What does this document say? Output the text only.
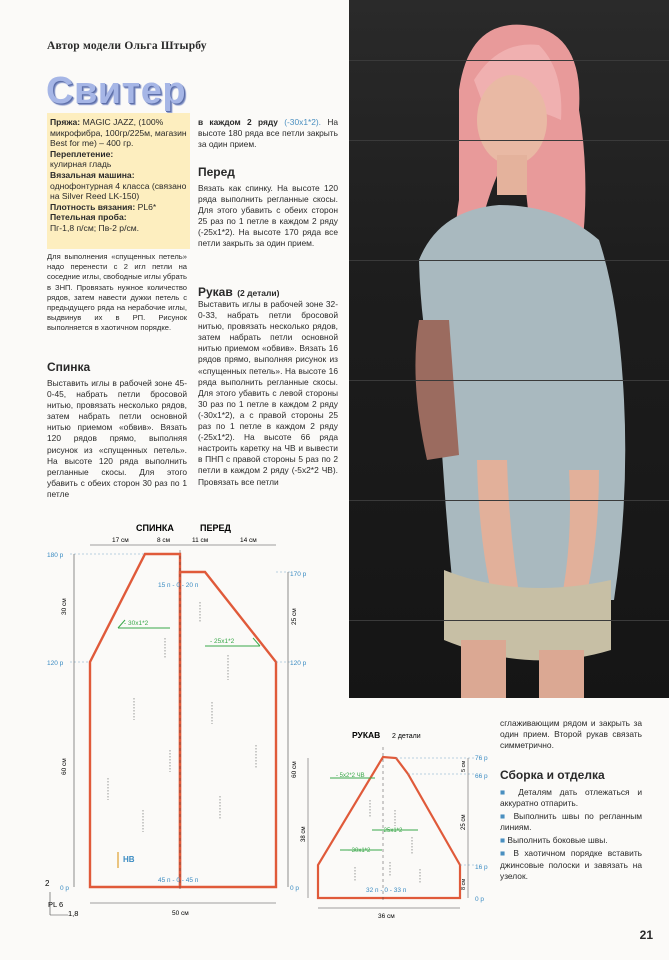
Автор модели Ольга Штырбу
Свитер
Пряжа: MAGIC JAZZ, (100% микрофибра, 100гр/225м, магазин Best for me) – 400 гр.
Переплетение:
кулирная гладь
Вязальная машина:
однофонтурная 4 класса (связано на Silver Reed LK-150)
Плотность вязания: PL6*
Петельная проба:
Пг-1,8 п/см; Пв-2 р/см.
Для выполнения «спущенных петель» надо перенести с 2 игл петли на соседние иглы, свободные иглы убрать в ЗНП. Провязать нужное количество рядов, затем навести дужки петель с предыдущего ряда на нерабочие иглы, выдвинув их в РП. Рисунок выполняется в хаотичном порядке.
Спинка
Выставить иглы в рабочей зоне 45-0-45, набрать петли бросовой нитью, провязать несколько рядов, затем набрать петли основной нитью приемом «обвив». Вязать 120 рядов прямо, выполняя рисунок из «спущенных петель». На высоте 120 ряда выполнить регланные скосы. Для этого убавить с обеих сторон 30 раз по 1 петле
в каждом 2 ряду (-30х1*2). На высоте 180 ряда все петли закрыть за один прием.
Перед
Вязать как спинку. На высоте 120 ряда выполнить регланные скосы. Для этого убавить с обеих сторон 25 раз по 1 петле в каждом 2 ряду (-25х1*2). На высоте 170 ряда все петли закрыть за один прием.
Рукав (2 детали)
Выставить иглы в рабочей зоне 32-0-33, набрать петли бросовой нитью, провязать несколько рядов, затем набрать петли основной нитью приемом «обвив». Вязать 16 рядов прямо, выполняя рисунок из «спущенных петель». На высоте 16 ряда выполнить регланные скосы. Для этого убавить с левой стороны 30 раз по 1 петле в каждом 2 ряду (-30х1*2), а с правой стороны 25 раз по 1 петле в каждом 2 ряду (-25х1*2). На высоте 66 ряда настроить каретку на ЧВ и вывести в ПНП с правой стороны 5 раз по 2 петли в каждом 2 ряду (-5х2*2 ЧВ). Провязать все петли
сглаживающим рядом и закрыть за один прием. Второй рукав связать симметрично.
Сборка и отделка
■ Деталям дать отлежаться и аккуратно отпарить.
■ Выполнить швы по регланным линиям.
■ Выполнить боковые швы.
■ В хаотичном порядке вставить джинсовые полоски и завязать на узелок.
СПИНКА	ПЕРЕД
17 см	8 см	11 см	14 см
30 см
60 см
25 см
60 см
180 р
170 р
120 р	120 р
0 р	0 р
15 п - 0 - 20 п
45 п - 0 - 45 п
- 30х1*2
- 25х1*2
НВ
50 см
2
PL 6
1,8
РУКАВ 2 детали
- 5х2*2 ЧВ
- 25х1*2
- 30х1*2
32 п - 0 - 33 п
76 р
66 р
16 р
0 р
5 см
25 см
8 см
38 см
36 см
21
